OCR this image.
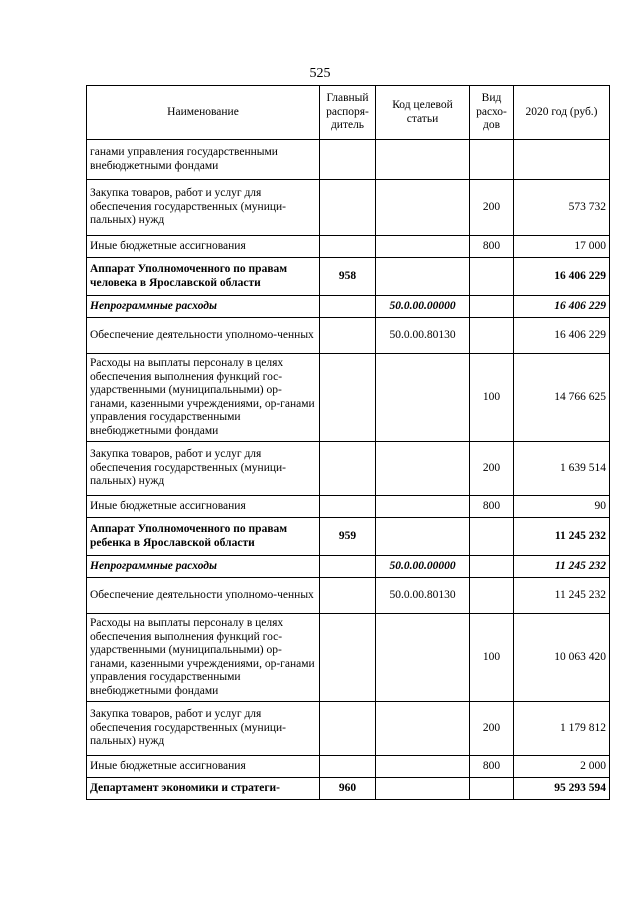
525
Наименование	Главный распоря-дитель	Код целевой статьи	Вид расхо-дов	2020 год (руб.)
ганами управления государственными внебюджетными фондами				
Закупка товаров, работ и услуг для обеспечения государственных (муници-пальных) нужд			200	573 732
Иные бюджетные ассигнования			800	17 000
Аппарат Уполномоченного по правам человека в Ярославской области	958			16 406 229
Непрограммные расходы		50.0.00.00000		16 406 229
Обеспечение деятельности уполномо-ченных		50.0.00.80130		16 406 229
Расходы на выплаты персоналу в целях обеспечения выполнения функций гос-ударственными (муниципальными) ор-ганами, казенными учреждениями, ор-ганами управления государственными внебюджетными фондами			100	14 766 625
Закупка товаров, работ и услуг для обеспечения государственных (муници-пальных) нужд			200	1 639 514
Иные бюджетные ассигнования			800	90
Аппарат Уполномоченного по правам ребенка в Ярославской области	959			11 245 232
Непрограммные расходы		50.0.00.00000		11 245 232
Обеспечение деятельности уполномо-ченных		50.0.00.80130		11 245 232
Расходы на выплаты персоналу в целях обеспечения выполнения функций гос-ударственными (муниципальными) ор-ганами, казенными учреждениями, ор-ганами управления государственными внебюджетными фондами			100	10 063 420
Закупка товаров, работ и услуг для обеспечения государственных (муници-пальных) нужд			200	1 179 812
Иные бюджетные ассигнования			800	2 000
Департамент экономики и стратеги-	960			95 293 594
